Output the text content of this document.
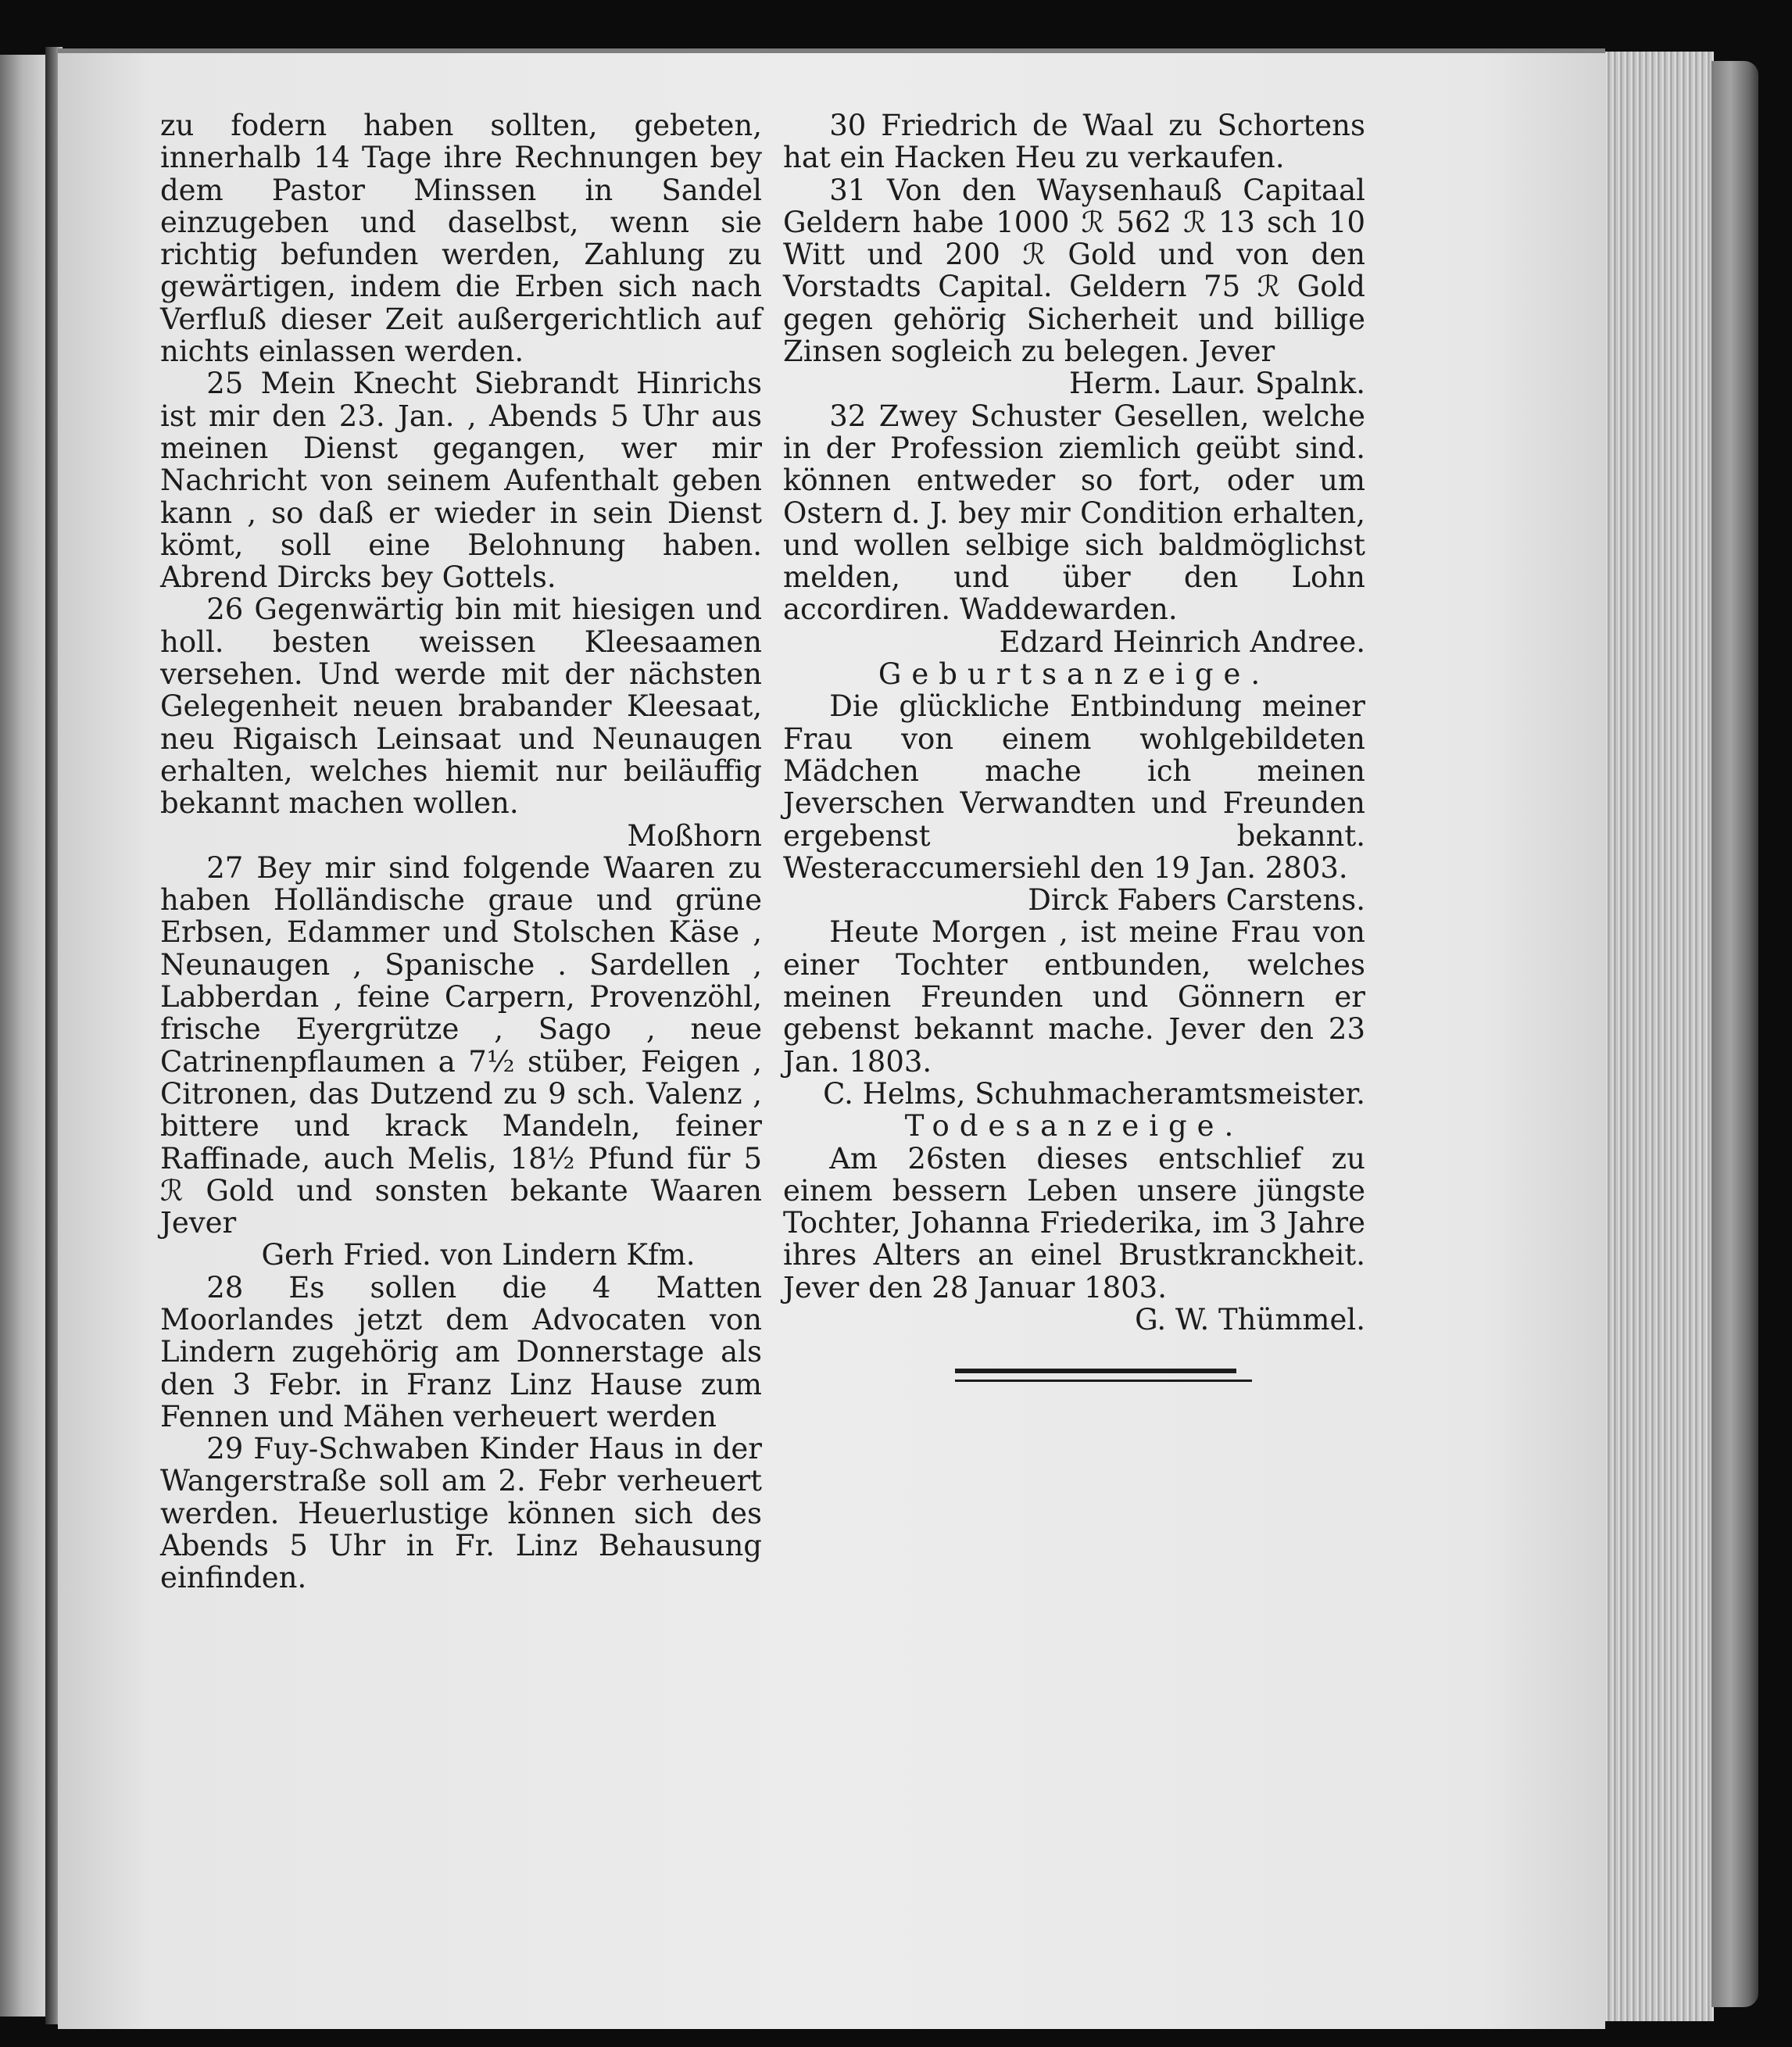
zu fodern haben sollten, gebeten, innerhalb 14 Tage ihre Rechnungen bey dem Pastor Minssen in Sandel einzugeben und daselbst, wenn sie richtig befunden werden, Zahlung zu gewärtigen, indem die Erben sich nach Verfluß dieser Zeit außergerichtlich auf nichts einlassen werden.

25 Mein Knecht Siebrandt Hinrichs ist mir den 23. Jan. , Abends 5 Uhr aus meinen Dienst gegangen, wer mir Nachricht von seinem Aufenthalt geben kann , so daß er wieder in sein Dienst kömt, soll eine Belohnung haben. Abrend Dircks bey Gottels.

26 Gegenwärtig bin mit hiesigen und holl. besten weissen Kleesaamen versehen. Und werde mit der nächsten Gelegenheit neuen brabander Kleesaat, neu Rigaisch Leinsaat und Neunaugen erhalten, welches hiemit nur beiläuffig bekannt machen wollen.

Moßhorn

27 Bey mir sind folgende Waaren zu haben Holländische graue und grüne Erbsen, Edammer und Stolschen Käse , Neunaugen , Spanische . Sardellen , Labberdan , feine Carpern, Provenzöhl, frische Eyergrütze , Sago , neue Catrinenpflaumen a 7½ stüber, Feigen , Citronen, das Dutzend zu 9 sch. Valenz , bittere und krack Mandeln, feiner Raffinade, auch Melis, 18½ Pfund für 5 ℛ Gold und sonsten bekante Waaren Jever

Gerh Fried. von Lindern Kfm.

28 Es sollen die 4 Matten Moorlandes jetzt dem Advocaten von Lindern zugehörig am Donnerstage als den 3 Febr. in Franz Linz Hause zum Fennen und Mähen verheuert werden

29 Fuy-Schwaben Kinder Haus in der Wangerstraße soll am 2. Febr verheuert werden. Heuerlustige können sich des Abends 5 Uhr in Fr. Linz Behausung einfinden.

30 Friedrich de Waal zu Schortens hat ein Hacken Heu zu verkaufen.

31 Von den Waysenhauß Capitaal Geldern habe 1000 ℛ 562 ℛ 13 sch 10 Witt und 200 ℛ Gold und von den Vorstadts Capital. Geldern 75 ℛ Gold gegen gehörig Sicherheit und billige Zinsen sogleich zu belegen. Jever

Herm. Laur. Spalnk.

32 Zwey Schuster Gesellen, welche in der Profession ziemlich geübt sind. können entweder so fort, oder um Ostern d. J. bey mir Condition erhalten, und wollen selbige sich baldmöglichst melden, und über den Lohn accordiren. Waddewarden.

Edzard Heinrich Andree.

Geburtsanzeige.

Die glückliche Entbindung meiner Frau von einem wohlgebildeten Mädchen mache ich meinen Jeverschen Verwandten und Freunden ergebenst bekannt. Westeraccumersiehl den 19 Jan. 2803.

Dirck Fabers Carstens.

Heute Morgen , ist meine Frau von einer Tochter entbunden, welches meinen Freunden und Gönnern er gebenst bekannt mache. Jever den 23 Jan. 1803.

C. Helms, Schuhmacheramtsmeister.

Todesanzeige.

Am 26sten dieses entschlief zu einem bessern Leben unsere jüngste Tochter, Johanna Friederika, im 3 Jahre ihres Alters an einel Brustkranckheit. Jever den 28 Januar 1803.

G. W. Thümmel.
